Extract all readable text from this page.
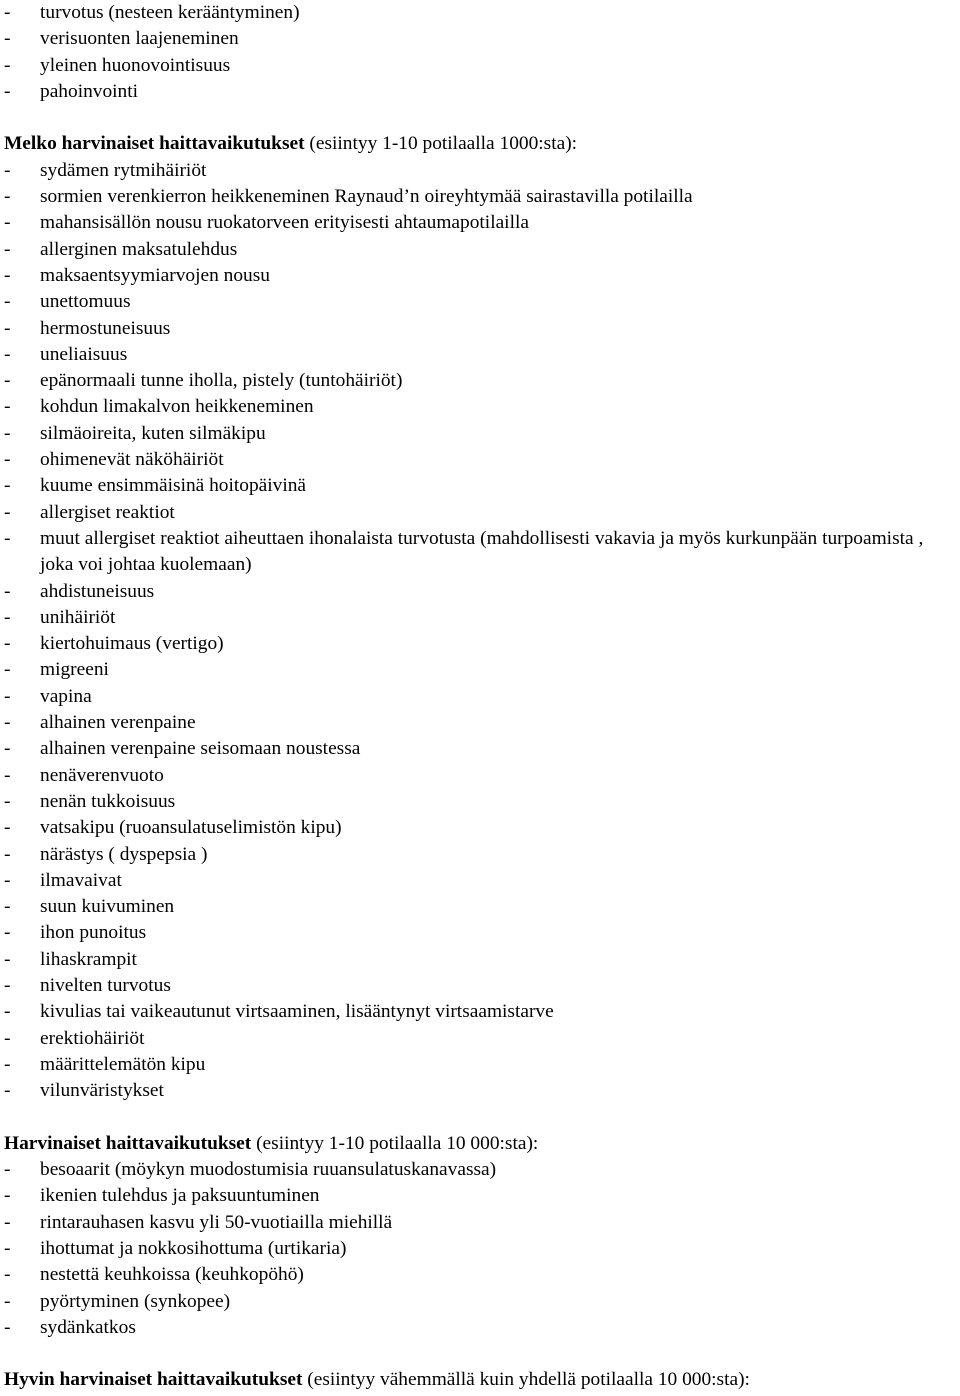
- turvotus (nesteen kerääntyminen)
- verisuonten laajeneminen
- yleinen huonovointisuus
- pahoinvointi
Melko harvinaiset haittavaikutukset (esiintyy 1-10 potilaalla 1000:sta):
- sydämen rytmihäiriöt
- sormien verenkierron heikkeneminen Raynaud’n oireyhtymää sairastavilla potilailla
- mahansisällön nousu ruokatorveen erityisesti ahtaumapotilailla
- allerginen maksatulehdus
- maksaentsyymiarvojen nousu
- unettomuus
- hermostuneisuus
- uneliaisuus
- epänormaali tunne iholla, pistely (tuntohäiriöt)
- kohdun limakalvon heikkeneminen
- silmäoireita, kuten silmäkipu
- ohimenevät näköhäiriöt
- kuume ensimmäisinä hoitopäivinä
- allergiset reaktiot
- muut allergiset reaktiot aiheuttaen ihonalaista turvotusta (mahdollisesti vakavia ja myös kurkunpään turpoamista , joka voi johtaa kuolemaan)
- ahdistuneisuus
- unihäiriöt
- kiertohuimaus (vertigo)
- migreeni
- vapina
- alhainen verenpaine
- alhainen verenpaine seisomaan noustessa
- nenäverenvuoto
- nenän tukkoisuus
- vatsakipu (ruoansulatuselimistön kipu)
- närästys ( dyspepsia )
- ilmavaivat
- suun kuivuminen
- ihon punoitus
- lihaskrampit
- nivelten turvotus
- kivulias tai vaikeautunut virtsaaminen, lisääntynyt virtsaamistarve
- erektiohäiriöt
- määrittelemätön kipu
- vilunväristykset
Harvinaiset haittavaikutukset (esiintyy 1-10 potilaalla 10 000:sta):
- besoaarit (möykyn muodostumisia ruuansulatuskanavassa)
- ikenien tulehdus ja paksuuntuminen
- rintarauhasen kasvu yli 50-vuotiailla miehillä
- ihottumat ja nokkosihottuma (urtikaria)
- nestettä keuhkoissa (keuhkopöhö)
- pyörtyminen (synkopee)
- sydänkatkos
Hyvin harvinaiset haittavaikutukset (esiintyy vähemmällä kuin yhdellä potilaalla 10 000:sta):
